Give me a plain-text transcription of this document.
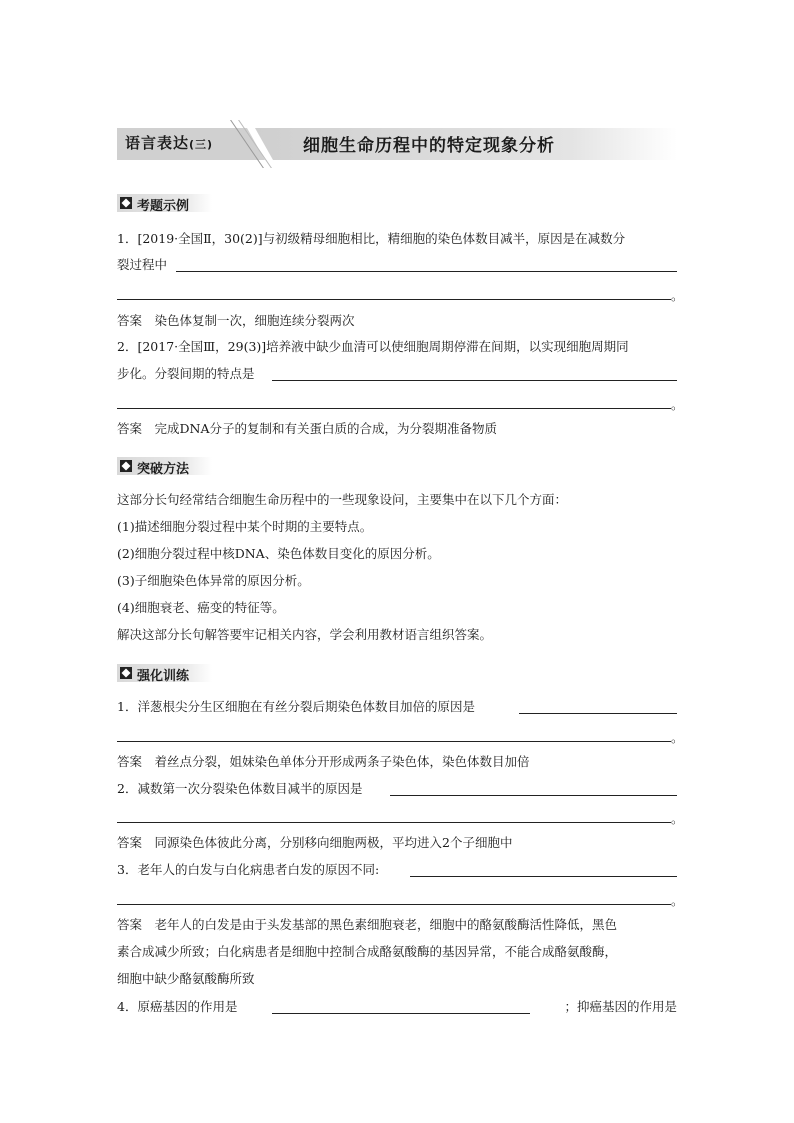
语言表达(三)	细胞生命历程中的特定现象分析
考题示例
1．[2019·全国Ⅱ，30(2)]与初级精母细胞相比，精细胞的染色体数目减半，原因是在减数分
裂过程中
。
答案　染色体复制一次，细胞连续分裂两次
2．[2017·全国Ⅲ，29(3)]培养液中缺少血清可以使细胞周期停滞在间期，以实现细胞周期同
步化。分裂间期的特点是
。
答案　完成DNA分子的复制和有关蛋白质的合成，为分裂期准备物质
突破方法
这部分长句经常结合细胞生命历程中的一些现象设问，主要集中在以下几个方面：
(1)描述细胞分裂过程中某个时期的主要特点。
(2)细胞分裂过程中核DNA、染色体数目变化的原因分析。
(3)子细胞染色体异常的原因分析。
(4)细胞衰老、癌变的特征等。
解决这部分长句解答要牢记相关内容，学会利用教材语言组织答案。
强化训练
1．洋葱根尖分生区细胞在有丝分裂后期染色体数目加倍的原因是
。
答案　着丝点分裂，姐妹染色单体分开形成两条子染色体，染色体数目加倍
2．减数第一次分裂染色体数目减半的原因是
。
答案　同源染色体彼此分离，分别移向细胞两极，平均进入2个子细胞中
3．老年人的白发与白化病患者白发的原因不同:
。
答案　老年人的白发是由于头发基部的黑色素细胞衰老，细胞中的酪氨酸酶活性降低，黑色
素合成减少所致；白化病患者是细胞中控制合成酪氨酸酶的基因异常，不能合成酪氨酸酶，
细胞中缺少酪氨酸酶所致
4．原癌基因的作用是	；抑癌基因的作用是
